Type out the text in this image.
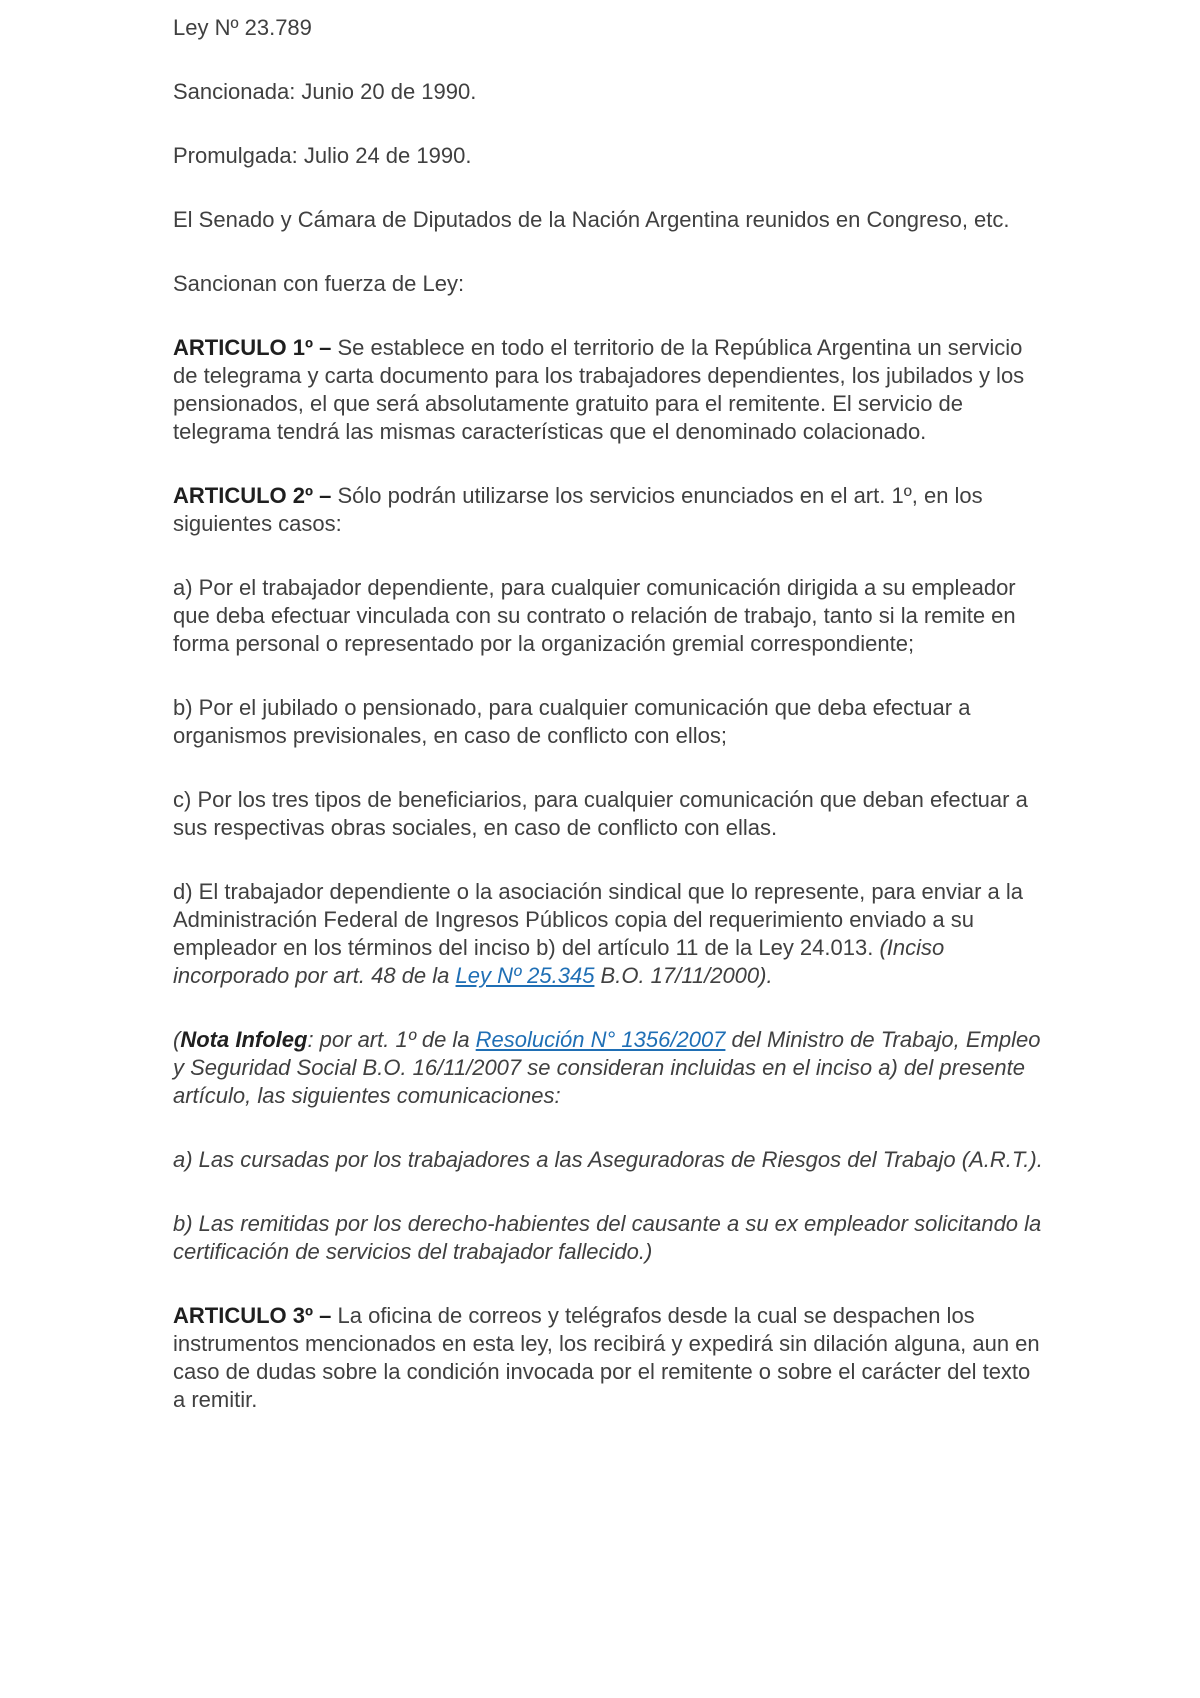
Ley Nº 23.789

Sancionada: Junio 20 de 1990.

Promulgada: Julio 24 de 1990.

El Senado y Cámara de Diputados de la Nación Argentina reunidos en Congreso, etc.

Sancionan con fuerza de Ley:

ARTICULO 1º – Se establece en todo el territorio de la República Argentina un servicio de telegrama y carta documento para los trabajadores dependientes, los jubilados y los pensionados, el que será absolutamente gratuito para el remitente. El servicio de telegrama tendrá las mismas características que el denominado colacionado.

ARTICULO 2º – Sólo podrán utilizarse los servicios enunciados en el art. 1º, en los siguientes casos:

a) Por el trabajador dependiente, para cualquier comunicación dirigida a su empleador que deba efectuar vinculada con su contrato o relación de trabajo, tanto si la remite en forma personal o representado por la organización gremial correspondiente;

b) Por el jubilado o pensionado, para cualquier comunicación que deba efectuar a organismos previsionales, en caso de conflicto con ellos;

c) Por los tres tipos de beneficiarios, para cualquier comunicación que deban efectuar a sus respectivas obras sociales, en caso de conflicto con ellas.

d) El trabajador dependiente o la asociación sindical que lo represente, para enviar a la Administración Federal de Ingresos Públicos copia del requerimiento enviado a su empleador en los términos del inciso b) del artículo 11 de la Ley 24.013. (Inciso incorporado por art. 48 de la Ley Nº 25.345 B.O. 17/11/2000).

(Nota Infoleg: por art. 1º de la Resolución N° 1356/2007 del Ministro de Trabajo, Empleo y Seguridad Social B.O. 16/11/2007 se consideran incluidas en el inciso a) del presente artículo, las siguientes comunicaciones:

a) Las cursadas por los trabajadores a las Aseguradoras de Riesgos del Trabajo (A.R.T.).

b) Las remitidas por los derecho-habientes del causante a su ex empleador solicitando la certificación de servicios del trabajador fallecido.)

ARTICULO 3º – La oficina de correos y telégrafos desde la cual se despachen los instrumentos mencionados en esta ley, los recibirá y expedirá sin dilación alguna, aun en caso de dudas sobre la condición invocada por el remitente o sobre el carácter del texto a remitir.
